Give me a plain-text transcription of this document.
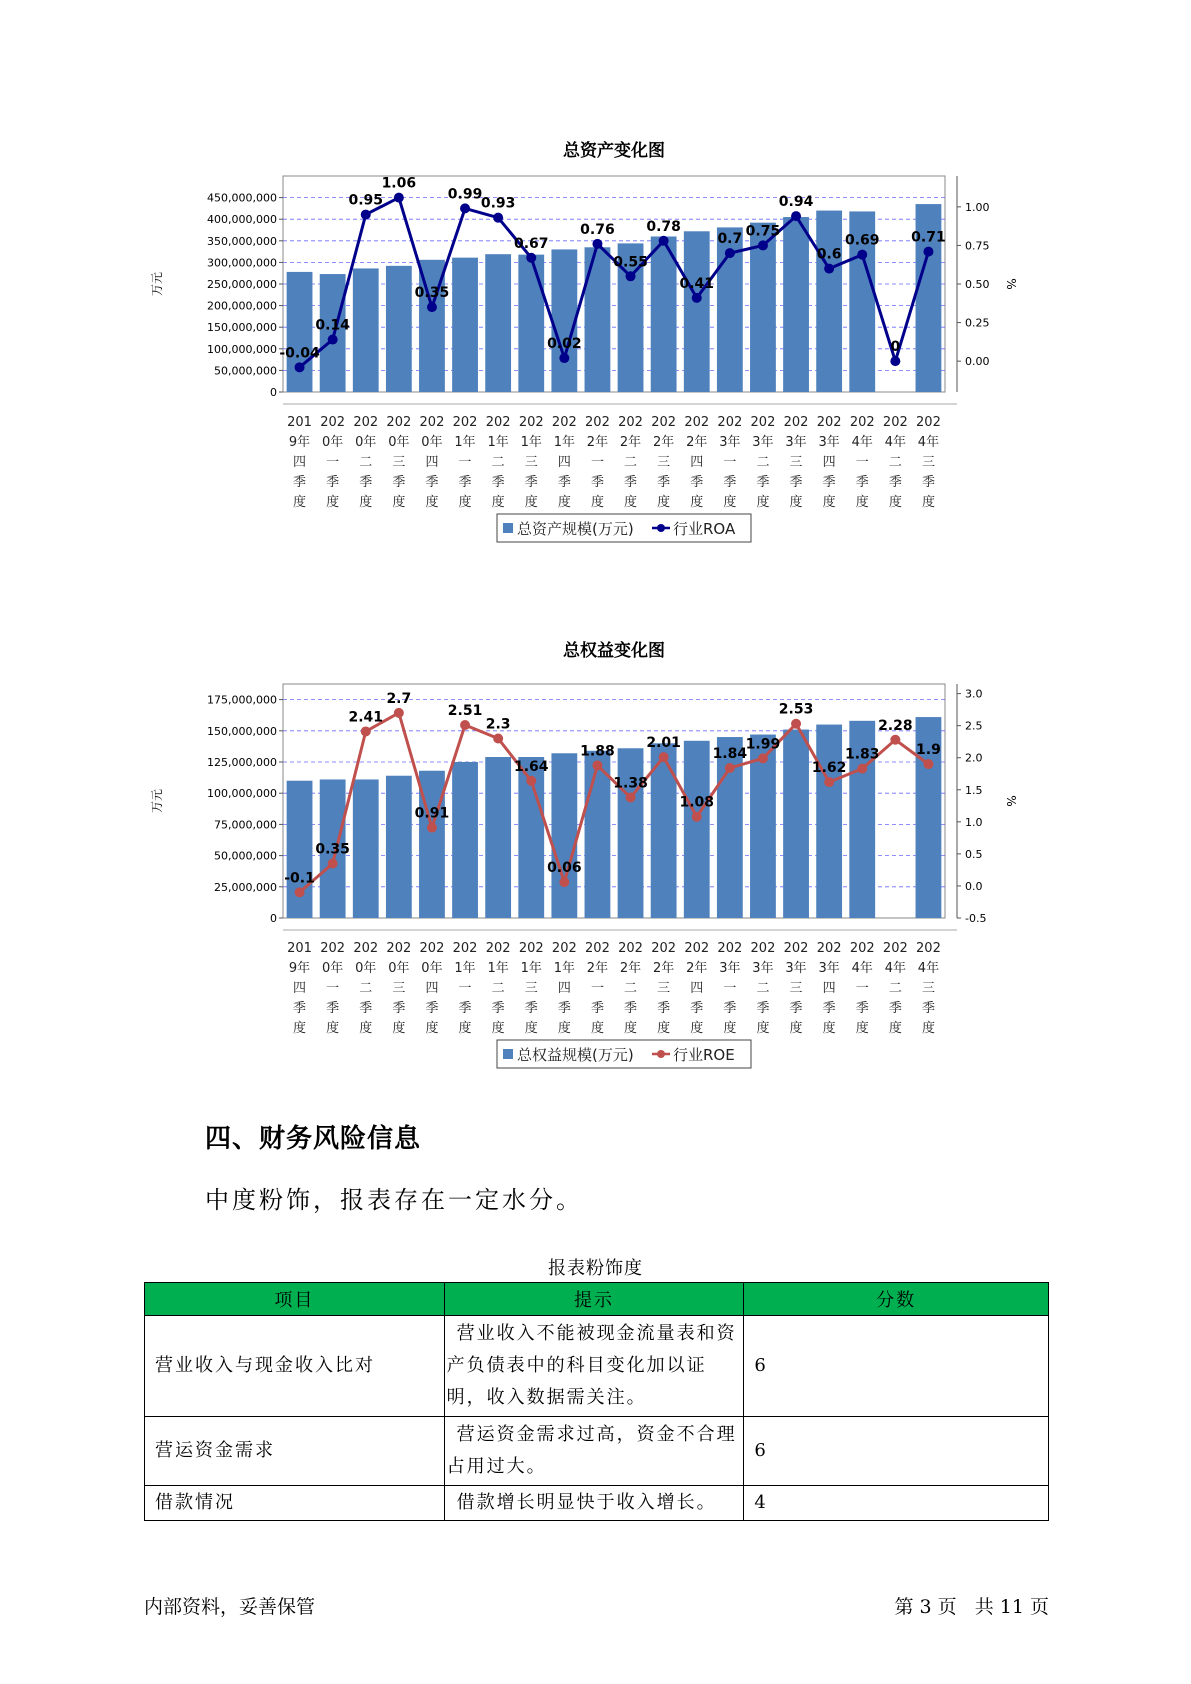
总资产变化图
0
50,000,000
100,000,000
150,000,000
200,000,000
250,000,000
300,000,000
350,000,000
400,000,000
450,000,000
0.00
0.25
0.50
0.75
1.00
万元	%
201 9年四季度
202 0年一季度
202 0年二季度
202 0年三季度
202 0年四季度
202 1年一季度
202 1年二季度
202 1年三季度
202 1年四季度
202 2年一季度
202 2年二季度
202 2年三季度
202 2年四季度
202 3年一季度
202 3年二季度
202 3年三季度
202 3年四季度
202 4年一季度
202 4年二季度
202 4年三季度
-0.04
0.14
0.95
1.06
0.35
0.99
0.93
0.67
0.02
0.76
0.55
0.78
0.41
0.7 0.75
0.94
0.6
0.69
0
0.71
总资产规模(万元)	行业ROA
总权益变化图
0
25,000,000
50,000,000
75,000,000
100,000,000
125,000,000
150,000,000
175,000,000
-0.5
0.0
0.5
1.0
1.5
2.0
2.5
3.0
万元	%
201 9年四季度
202 0年一季度
202 0年二季度
202 0年三季度
202 0年四季度
202 1年一季度
202 1年二季度
202 1年三季度
202 1年四季度
202 2年一季度
202 2年二季度
202 2年三季度
202 2年四季度
202 3年一季度
202 3年二季度
202 3年三季度
202 3年四季度
202 4年一季度
202 4年二季度
202 4年三季度
-0.1
0.35
2.41
2.7
0.91
2.51
2.3
1.64
0.06
1.88
1.38
2.01
1.08
1.84
1.99
2.53
1.62
1.83
2.28
1.9
总权益规模(万元)	行业ROE
四、财务风险信息

中度粉饰，报表存在一定水分。

报表粉饰度
项目	提示	分数
营业收入与现金收入比对	营业收入不能被现金流量表和资产负债表中的科目变化加以证明，收入数据需关注。	6
营运资金需求	营运资金需求过高，资金不合理占用过大。	6
借款情况	借款增长明显快于收入增长。	4
内部资料，妥善保管	第 3 页   共 11 页
